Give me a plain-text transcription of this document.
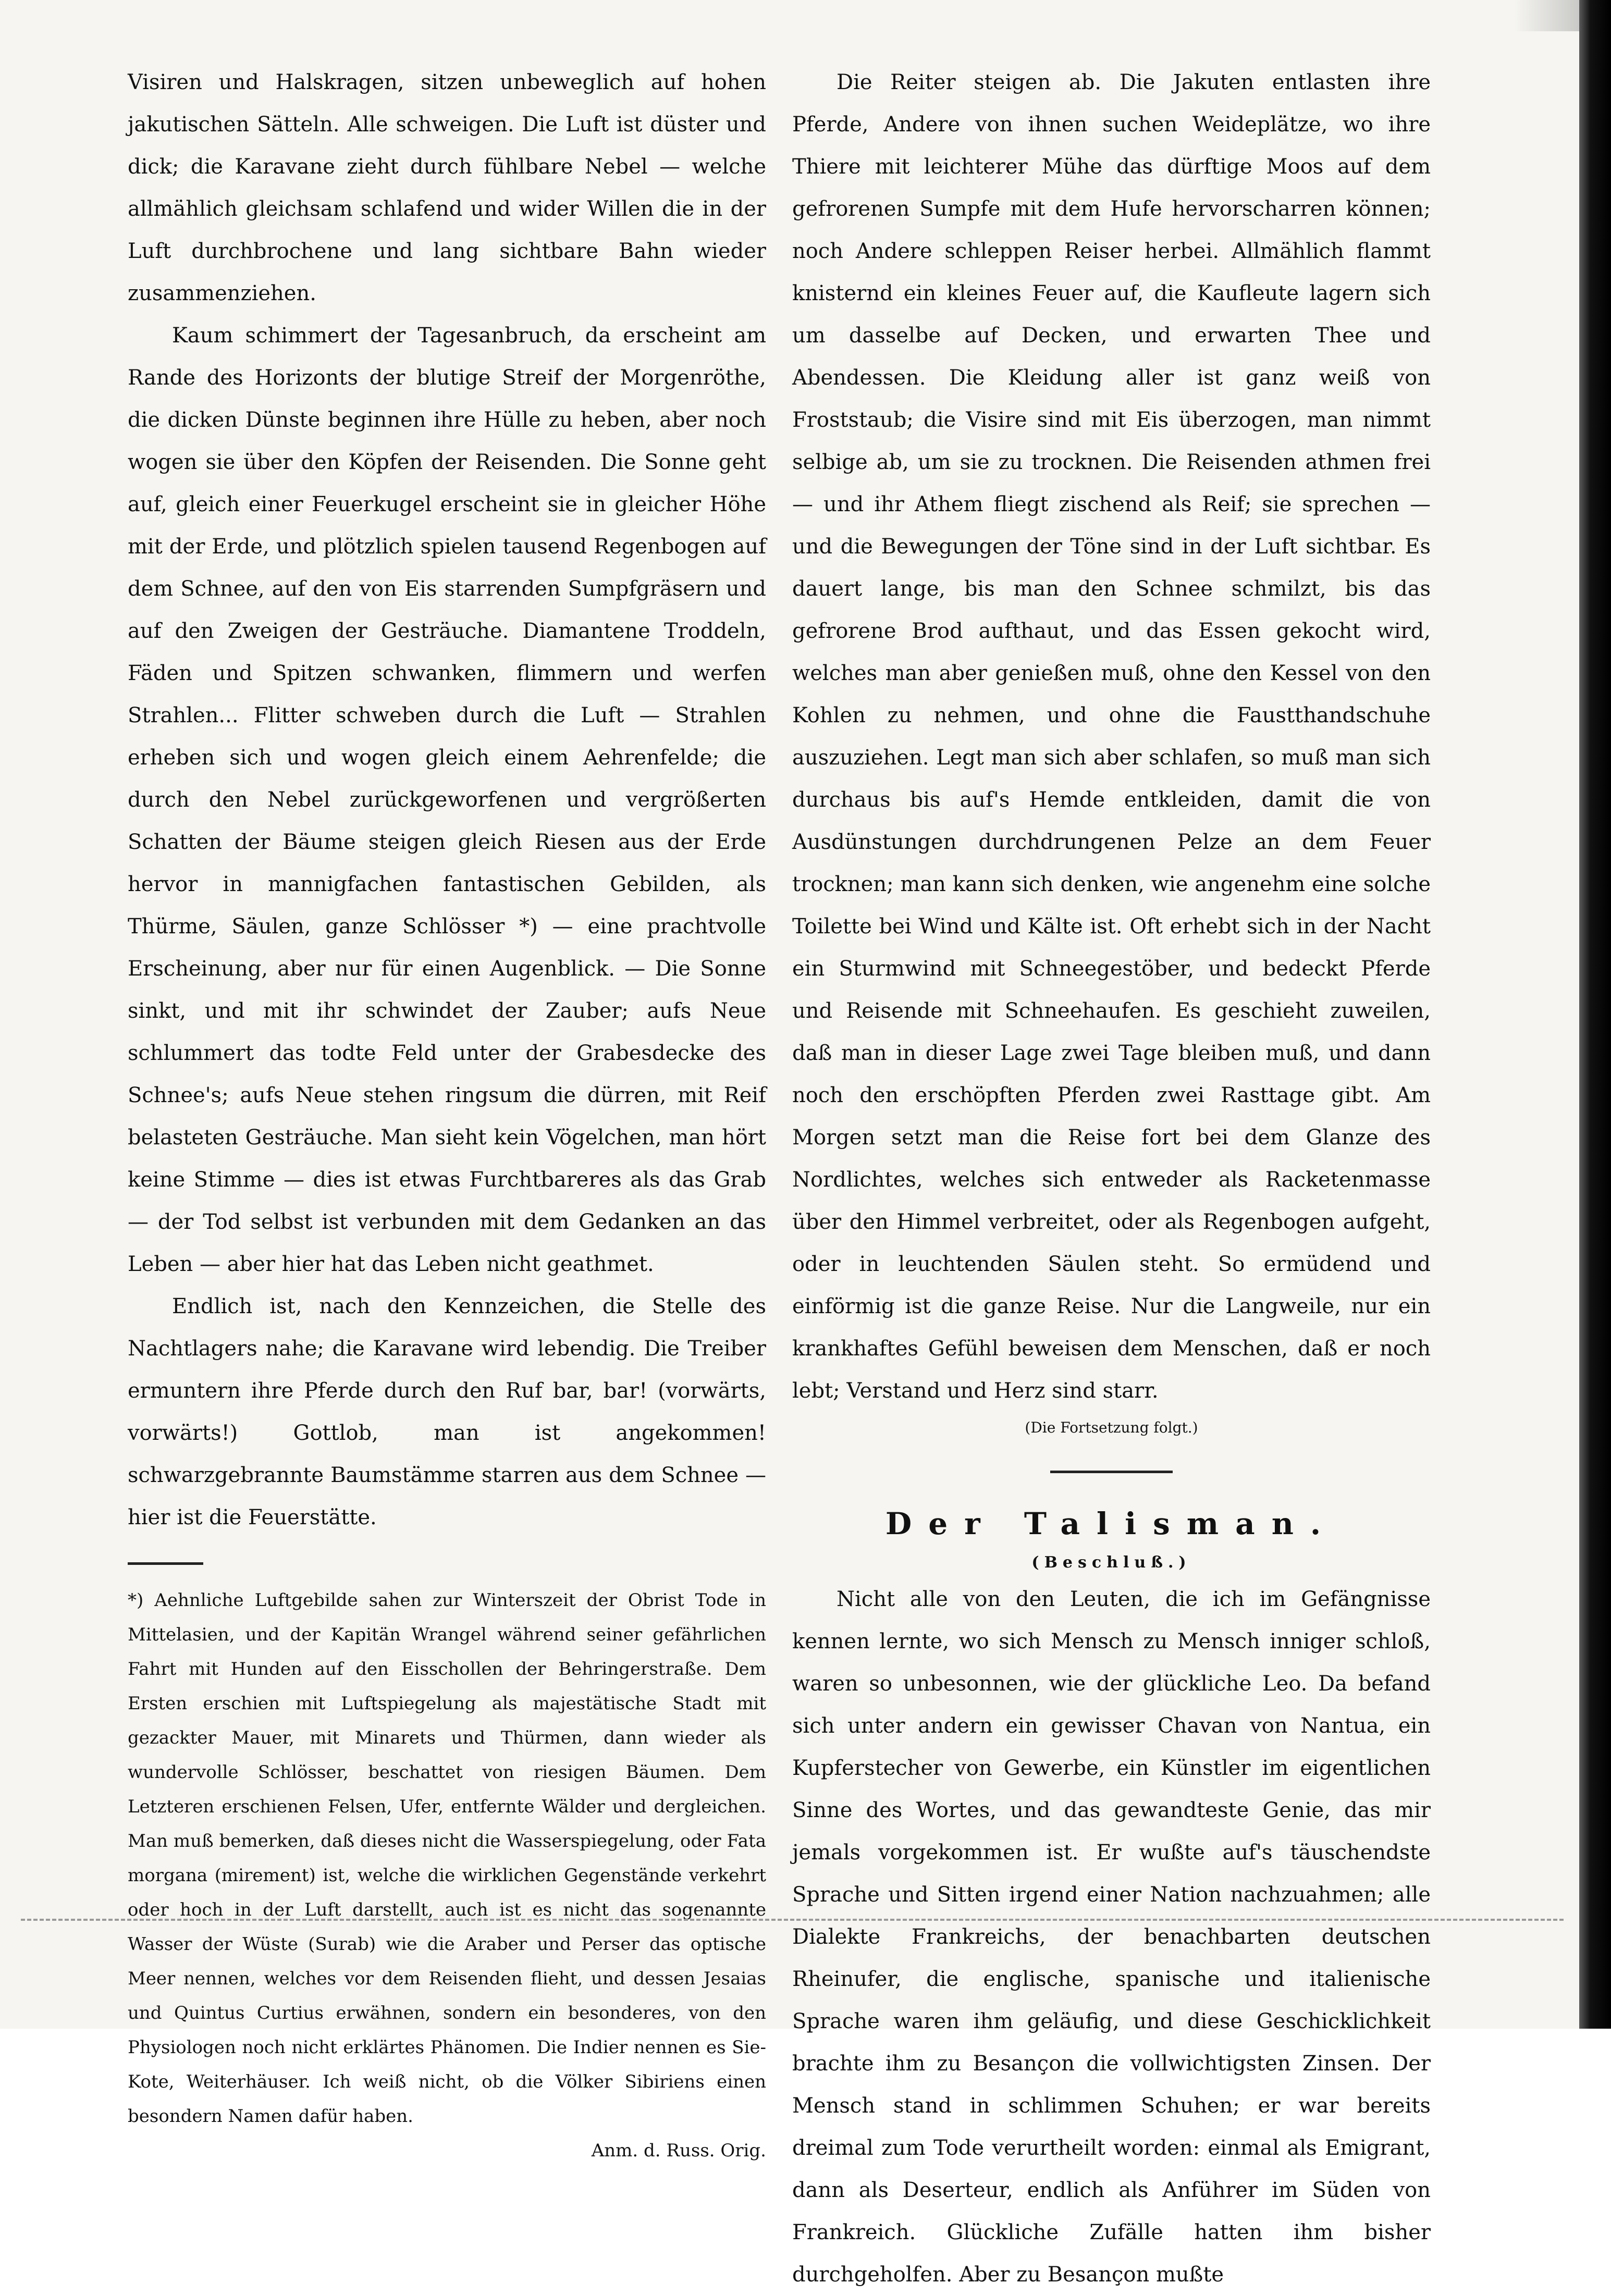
Visiren und Halskragen, sitzen unbeweglich auf hohen jakutischen Sätteln. Alle schweigen. Die Luft ist düster und dick; die Karavane zieht durch fühlbare Nebel — welche allmählich gleichsam schlafend und wider Willen die in der Luft durchbrochene und lang sichtbare Bahn wieder zusammenziehen.

Kaum schimmert der Tagesanbruch, da erscheint am Rande des Horizonts der blutige Streif der Morgenröthe, die dicken Dünste beginnen ihre Hülle zu heben, aber noch wogen sie über den Köpfen der Reisenden. Die Sonne geht auf, gleich einer Feuerkugel erscheint sie in gleicher Höhe mit der Erde, und plötzlich spielen tausend Regenbogen auf dem Schnee, auf den von Eis starrenden Sumpfgräsern und auf den Zweigen der Gesträuche. Diamantene Troddeln, Fäden und Spitzen schwanken, flimmern und werfen Strahlen... Flitter schweben durch die Luft — Strahlen erheben sich und wogen gleich einem Aehrenfelde; die durch den Nebel zurückgeworfenen und vergrößerten Schatten der Bäume steigen gleich Riesen aus der Erde hervor in mannigfachen fantastischen Gebilden, als Thürme, Säulen, ganze Schlösser *) — eine prachtvolle Erscheinung, aber nur für einen Augenblick. — Die Sonne sinkt, und mit ihr schwindet der Zauber; aufs Neue schlummert das todte Feld unter der Grabesdecke des Schnee's; aufs Neue stehen ringsum die dürren, mit Reif belasteten Gesträuche. Man sieht kein Vögelchen, man hört keine Stimme — dies ist etwas Furchtbareres als das Grab — der Tod selbst ist verbunden mit dem Gedanken an das Leben — aber hier hat das Leben nicht geathmet.

Endlich ist, nach den Kennzeichen, die Stelle des Nachtlagers nahe; die Karavane wird lebendig. Die Treiber ermuntern ihre Pferde durch den Ruf bar, bar! (vorwärts, vorwärts!) Gottlob, man ist angekommen! schwarzgebrannte Baumstämme starren aus dem Schnee — hier ist die Feuerstätte.

*) Aehnliche Luftgebilde sahen zur Winterszeit der Obrist Tode in Mittelasien, und der Kapitän Wrangel während seiner gefährlichen Fahrt mit Hunden auf den Eisschollen der Behringerstraße. Dem Ersten erschien mit Luftspiegelung als majestätische Stadt mit gezackter Mauer, mit Minarets und Thürmen, dann wieder als wundervolle Schlösser, beschattet von riesigen Bäumen. Dem Letzteren erschienen Felsen, Ufer, entfernte Wälder und dergleichen. Man muß bemerken, daß dieses nicht die Wasserspiegelung, oder Fata morgana (mirement) ist, welche die wirklichen Gegenstände verkehrt oder hoch in der Luft darstellt, auch ist es nicht das sogenannte Wasser der Wüste (Surab) wie die Araber und Perser das optische Meer nennen, welches vor dem Reisenden flieht, und dessen Jesaias und Quintus Curtius erwähnen, sondern ein besonderes, von den Physiologen noch nicht erklärtes Phänomen. Die Indier nennen es Sie-Kote, Weiterhäuser. Ich weiß nicht, ob die Völker Sibiriens einen besondern Namen dafür haben.

Anm. d. Russ. Orig.

Die Reiter steigen ab. Die Jakuten entlasten ihre Pferde, Andere von ihnen suchen Weideplätze, wo ihre Thiere mit leichterer Mühe das dürftige Moos auf dem gefrorenen Sumpfe mit dem Hufe hervorscharren können; noch Andere schleppen Reiser herbei. Allmählich flammt knisternd ein kleines Feuer auf, die Kaufleute lagern sich um dasselbe auf Decken, und erwarten Thee und Abendessen. Die Kleidung aller ist ganz weiß von Froststaub; die Visire sind mit Eis überzogen, man nimmt selbige ab, um sie zu trocknen. Die Reisenden athmen frei — und ihr Athem fliegt zischend als Reif; sie sprechen — und die Bewegungen der Töne sind in der Luft sichtbar. Es dauert lange, bis man den Schnee schmilzt, bis das gefrorene Brod aufthaut, und das Essen gekocht wird, welches man aber genießen muß, ohne den Kessel von den Kohlen zu nehmen, und ohne die Faustthandschuhe auszuziehen. Legt man sich aber schlafen, so muß man sich durchaus bis auf's Hemde entkleiden, damit die von Ausdünstungen durchdrungenen Pelze an dem Feuer trocknen; man kann sich denken, wie angenehm eine solche Toilette bei Wind und Kälte ist. Oft erhebt sich in der Nacht ein Sturmwind mit Schneegestöber, und bedeckt Pferde und Reisende mit Schneehaufen. Es geschieht zuweilen, daß man in dieser Lage zwei Tage bleiben muß, und dann noch den erschöpften Pferden zwei Rasttage gibt. Am Morgen setzt man die Reise fort bei dem Glanze des Nordlichtes, welches sich entweder als Racketenmasse über den Himmel verbreitet, oder als Regenbogen aufgeht, oder in leuchtenden Säulen steht. So ermüdend und einförmig ist die ganze Reise. Nur die Langweile, nur ein krankhaftes Gefühl beweisen dem Menschen, daß er noch lebt; Verstand und Herz sind starr.

(Die Fortsetzung folgt.)

Der Talisman.

(Beschluß.)

Nicht alle von den Leuten, die ich im Gefängnisse kennen lernte, wo sich Mensch zu Mensch inniger schloß, waren so unbesonnen, wie der glückliche Leo. Da befand sich unter andern ein gewisser Chavan von Nantua, ein Kupferstecher von Gewerbe, ein Künstler im eigentlichen Sinne des Wortes, und das gewandteste Genie, das mir jemals vorgekommen ist. Er wußte auf's täuschendste Sprache und Sitten irgend einer Nation nachzuahmen; alle Dialekte Frankreichs, der benachbarten deutschen Rheinufer, die englische, spanische und italienische Sprache waren ihm geläufig, und diese Geschicklichkeit brachte ihm zu Besançon die vollwichtigsten Zinsen. Der Mensch stand in schlimmen Schuhen; er war bereits dreimal zum Tode verurtheilt worden: einmal als Emigrant, dann als Deserteur, endlich als Anführer im Süden von Frankreich. Glückliche Zufälle hatten ihm bisher durchgeholfen. Aber zu Besançon mußte
